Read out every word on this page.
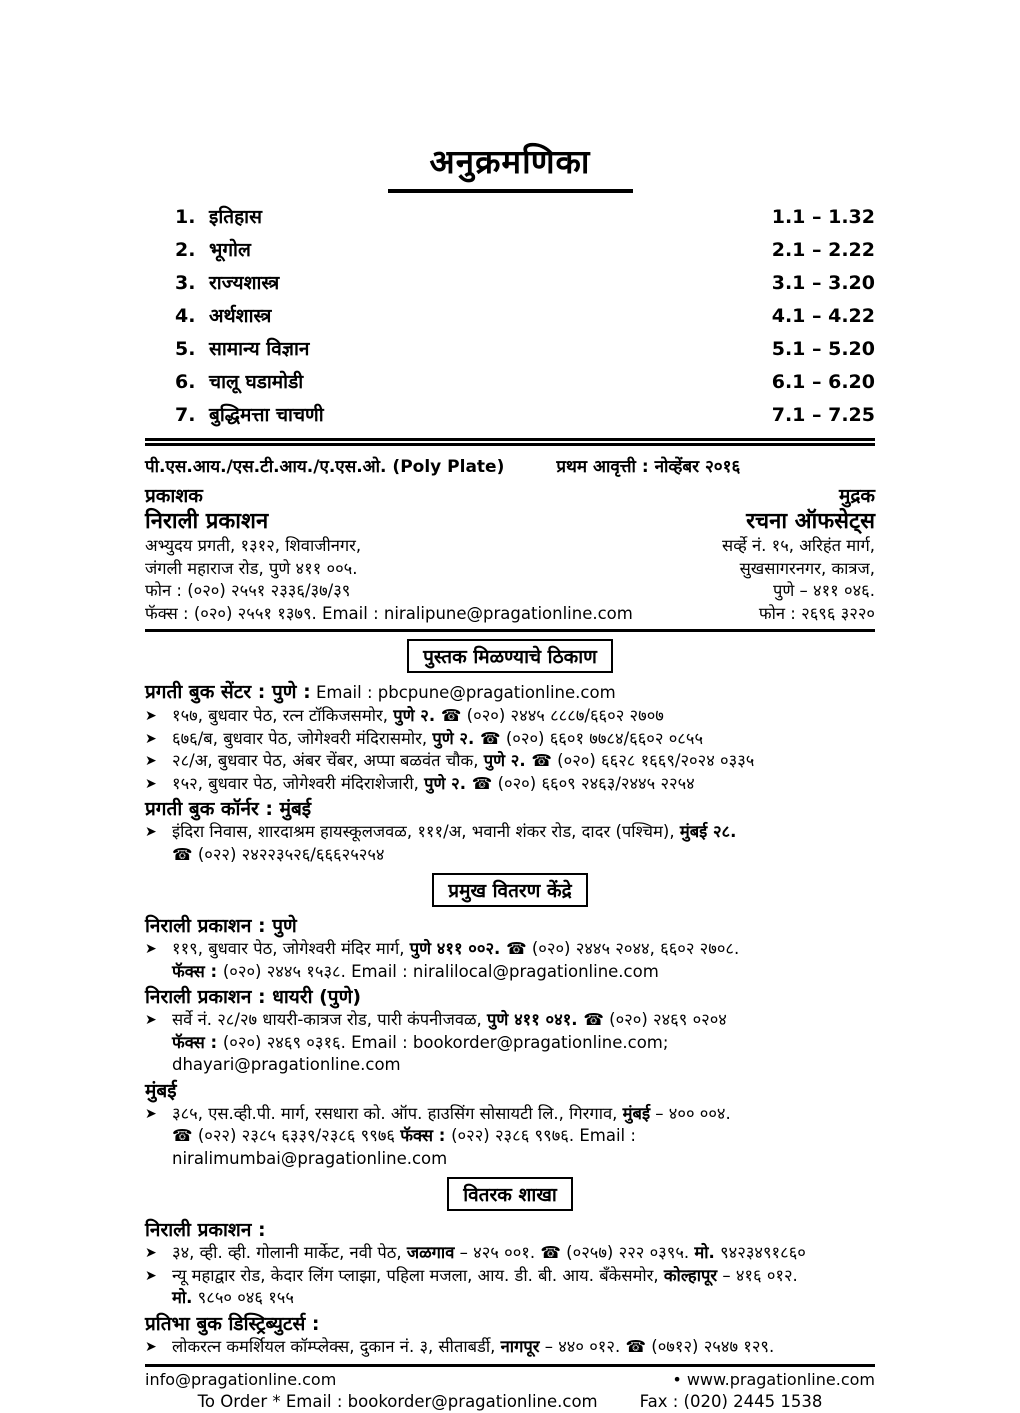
अनुक्रमणिका
1. इतिहास	1.1 – 1.32
2. भूगोल	2.1 – 2.22
3. राज्यशास्त्र	3.1 – 3.20
4. अर्थशास्त्र	4.1 – 4.22
5. सामान्य विज्ञान	5.1 – 5.20
6. चालू घडामोडी	6.1 – 6.20
7. बुद्धिमत्ता चाचणी	7.1 – 7.25
पी.एस.आय./एस.टी.आय./ए.एस.ओ. (Poly Plate)	प्रथम आवृत्ती : नोव्हेंबर २०१६
प्रकाशक
निराली प्रकाशन
अभ्युदय प्रगती, १३१२, शिवाजीनगर,
जंगली महाराज रोड, पुणे ४११ ००५.
फोन : (०२०) २५५१ २३३६/३७/३९
फॅक्स : (०२०) २५५१ १३७९. Email : niralipune@pragationline.com
मुद्रक
रचना ऑफसेट्स
सर्व्हे नं. १५, अरिहंत मार्ग,
सुखसागरनगर, कात्रज,
पुणे – ४११ ०४६.
फोन : २६९६ ३२२०
पुस्तक मिळण्याचे ठिकाण
प्रगती बुक सेंटर : पुणे : Email : pbcpune@pragationline.com
➤ १५७, बुधवार पेठ, रत्न टॉकिजसमोर, पुणे २. ☎ (०२०) २४४५ ८८८७/६६०२ २७०७
➤ ६७६/ब, बुधवार पेठ, जोगेश्वरी मंदिरासमोर, पुणे २. ☎ (०२०) ६६०१ ७७८४/६६०२ ०८५५
➤ २८/अ, बुधवार पेठ, अंबर चेंबर, अप्पा बळवंत चौक, पुणे २. ☎ (०२०) ६६२८ १६६९/२०२४ ०३३५
➤ १५२, बुधवार पेठ, जोगेश्वरी मंदिराशेजारी, पुणे २. ☎ (०२०) ६६०९ २४६३/२४४५ २२५४
प्रगती बुक कॉर्नर : मुंबई
➤ इंदिरा निवास, शारदाश्रम हायस्कूलजवळ, १११/अ, भवानी शंकर रोड, दादर (पश्चिम), मुंबई २८.
☎ (०२२) २४२२३५२६/६६६२५२५४
प्रमुख वितरण केंद्रे
निराली प्रकाशन : पुणे
➤ ११९, बुधवार पेठ, जोगेश्वरी मंदिर मार्ग, पुणे ४११ ००२. ☎ (०२०) २४४५ २०४४, ६६०२ २७०८.
फॅक्स : (०२०) २४४५ १५३८. Email : niralilocal@pragationline.com
निराली प्रकाशन : धायरी (पुणे)
➤ सर्वे नं. २८/२७ धायरी-कात्रज रोड, पारी कंपनीजवळ, पुणे ४११ ०४१. ☎ (०२०) २४६९ ०२०४
फॅक्स : (०२०) २४६९ ०३१६. Email : bookorder@pragationline.com; dhayari@pragationline.com
मुंबई
➤ ३८५, एस.व्ही.पी. मार्ग, रसधारा को. ऑप. हाउसिंग सोसायटी लि., गिरगाव, मुंबई – ४०० ००४.
☎ (०२२) २३८५ ६३३९/२३८६ ९९७६ फॅक्स : (०२२) २३८६ ९९७६. Email : niralimumbai@pragationline.com
वितरक शाखा
निराली प्रकाशन :
➤ ३४, व्ही. व्ही. गोलानी मार्केट, नवी पेठ, जळगाव – ४२५ ००१. ☎ (०२५७) २२२ ०३९५. मो. ९४२३४९१८६०
➤ न्यू महाद्वार रोड, केदार लिंग प्लाझा, पहिला मजला, आय. डी. बी. आय. बँकेसमोर, कोल्हापूर – ४१६ ०१२.
मो. ९८५० ०४६ १५५
प्रतिभा बुक डिस्ट्रिब्युटर्स :
➤ लोकरत्न कमर्शियल कॉम्प्लेक्स, दुकान नं. ३, सीताबर्डी, नागपूर – ४४० ०१२. ☎ (०७१२) २५४७ १२९.
info@pragationline.com	• www.pragationline.com
To Order * Email : bookorder@pragationline.com	Fax : (020) 2445 1538
